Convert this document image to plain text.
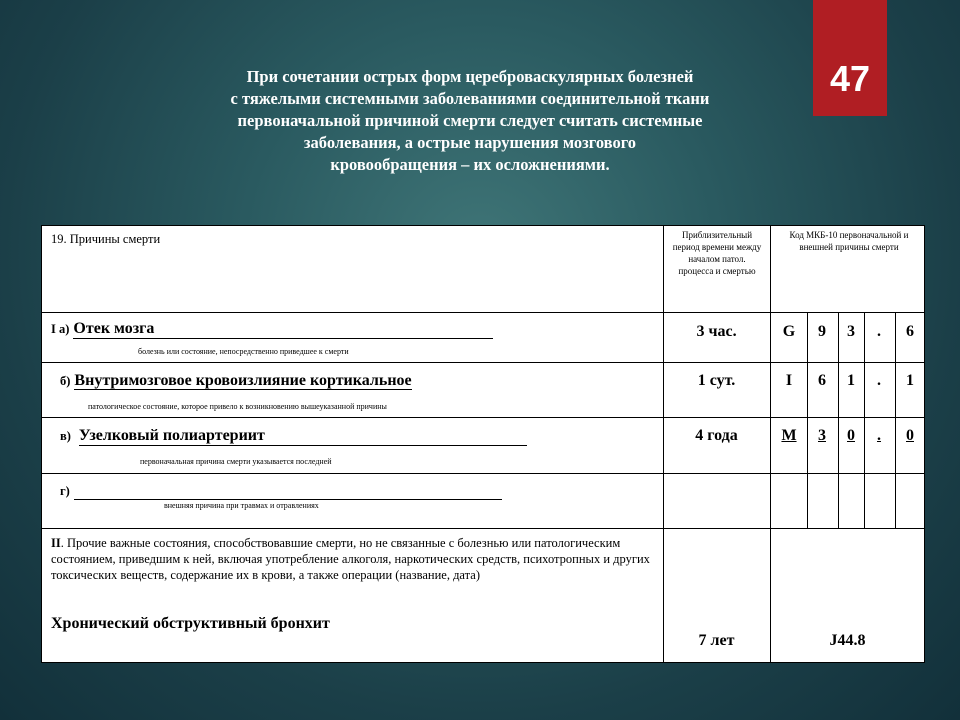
47
При сочетании острых форм цереброваскулярных болезней
с тяжелыми системными заболеваниями соединительной ткани
первоначальной причиной смерти следует считать системные
заболевания, а острые нарушения мозгового
кровообращения – их осложнениями.
19. Причины смерти	Приблизительный период времени между началом патол. процесса и смертью
Код МКБ-10 первоначальной и внешней причины смерти
I а) Отек мозга
болезнь или состояние, непосредственно приведшее к смерти
3 час.	G	9	3	.	6
б) Внутримозговое кровоизлияние кортикальное
патологическое состояние, которое привело к возникновению вышеуказанной причины
1 сут.	I	6	1	.	1
в) Узелковый полиартериит
первоначальная причина смерти указывается последней
4 года	M	3	0	.	0
г)
внешняя причина при травмах и отравлениях
II. Прочие важные состояния, способствовавшие смерти, но не связанные с болезнью или патологическим состоянием, приведшим к ней, включая употребление алкоголя, наркотических средств, психотропных и других токсических веществ, содержание их в крови, а также операции (название, дата)
Хронический обструктивный бронхит
7 лет	J44.8
